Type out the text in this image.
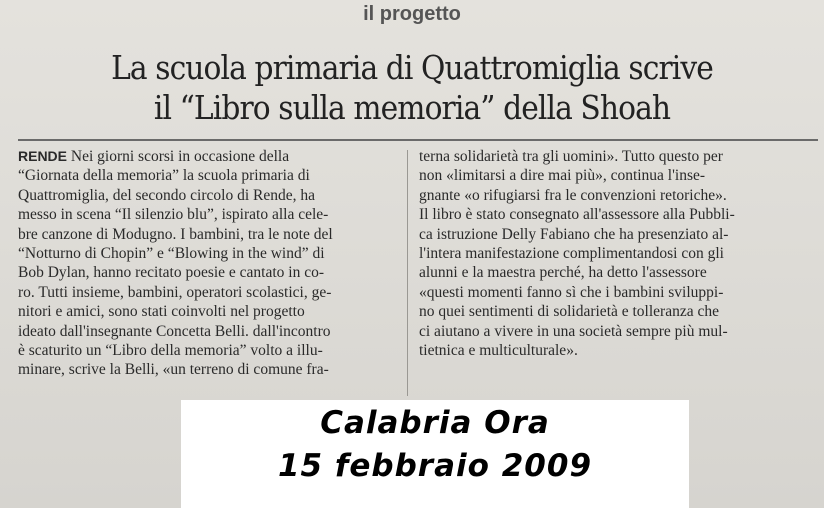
il progetto
La scuola primaria di Quattromiglia scrive
il “Libro sulla memoria” della Shoah
RENDE Nei giorni scorsi in occasione della
“Giornata della memoria” la scuola primaria di
Quattromiglia, del secondo circolo di Rende, ha
messo in scena “Il silenzio blu”, ispirato alla cele-
bre canzone di Modugno. I bambini, tra le note del
“Notturno di Chopin” e “Blowing in the wind” di
Bob Dylan, hanno recitato poesie e cantato in co-
ro. Tutti insieme, bambini, operatori scolastici, ge-
nitori e amici, sono stati coinvolti nel progetto
ideato dall'insegnante Concetta Belli. dall'incontro
è scaturito un “Libro della memoria” volto a illu-
minare, scrive la Belli, «un terreno di comune fra-
terna solidarietà tra gli uomini». Tutto questo per
non «limitarsi a dire mai più», continua l'inse-
gnante «o rifugiarsi fra le convenzioni retoriche».
Il libro è stato consegnato all'assessore alla Pubbli-
ca istruzione Delly Fabiano che ha presenziato al-
l'intera manifestazione complimentandosi con gli
alunni e la maestra perché, ha detto l'assessore
«questi momenti fanno sì che i bambini sviluppi-
no quei sentimenti di solidarietà e tolleranza che
ci aiutano a vivere in una società sempre più mul-
tietnica e multiculturale».
Calabria Ora
15 febbraio 2009
